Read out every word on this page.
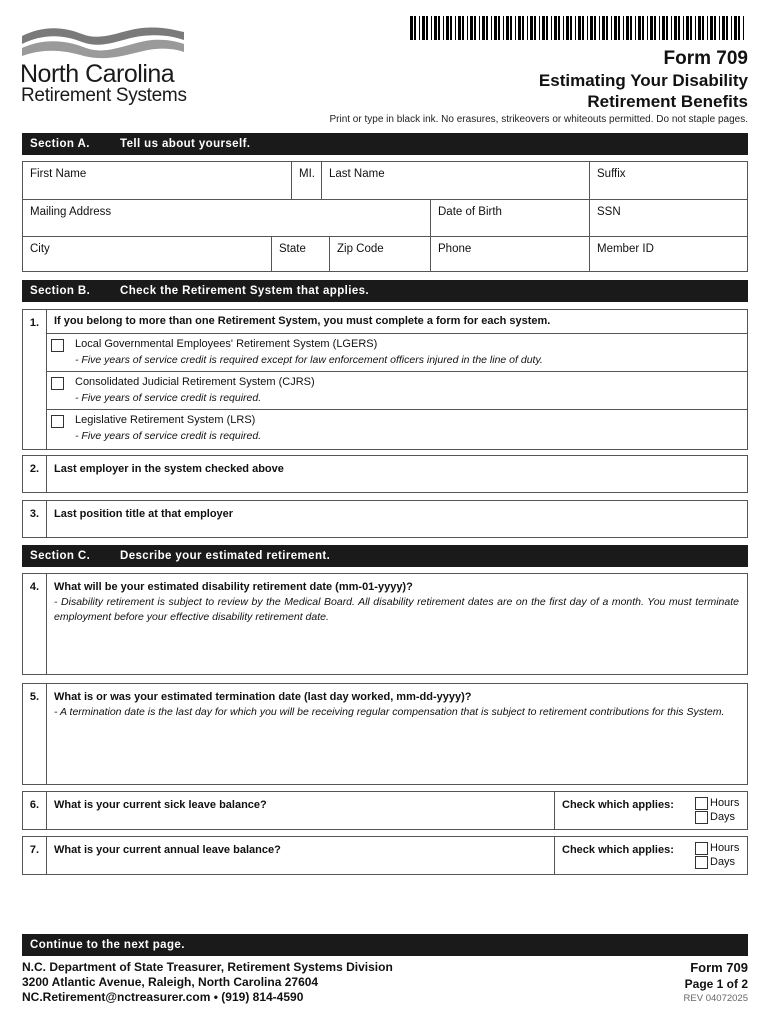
North Carolina
Retirement Systems
Form 709
Estimating Your Disability
Retirement Benefits
Print or type in black ink. No erasures, strikeovers or whiteouts permitted. Do not staple pages.
Section A.	Tell us about yourself.
First Name	MI.	Last Name	Suffix
Mailing Address	Date of Birth	SSN
City	State	Zip Code	Phone	Member ID
Section B.	Check the Retirement System that applies.
1.	If you belong to more than one Retirement System, you must complete a form for each system.
Local Governmental Employees' Retirement System (LGERS)
- Five years of service credit is required except for law enforcement officers injured in the line of duty.
Consolidated Judicial Retirement System (CJRS)
- Five years of service credit is required.
Legislative Retirement System (LRS)
- Five years of service credit is required.
2.	Last employer in the system checked above
3.	Last position title at that employer
Section C.	Describe your estimated retirement.
4.	What will be your estimated disability retirement date (mm-01-yyyy)?
- Disability retirement is subject to review by the Medical Board. All disability retirement dates are on the first day of a month. You must terminate employment before your effective disability retirement date.
5.	What is or was your estimated termination date (last day worked, mm-dd-yyyy)?
- A termination date is the last day for which you will be receiving regular compensation that is subject to retirement contributions for this System.
6.	What is your current sick leave balance?	Check which applies:	Hours
Days
7.	What is your current annual leave balance?	Check which applies:	Hours
Days
Continue to the next page.
N.C. Department of State Treasurer, Retirement Systems Division
3200 Atlantic Avenue, Raleigh, North Carolina 27604
NC.Retirement@nctreasurer.com • (919) 814-4590
Form 709
Page 1 of 2
REV 04072025
